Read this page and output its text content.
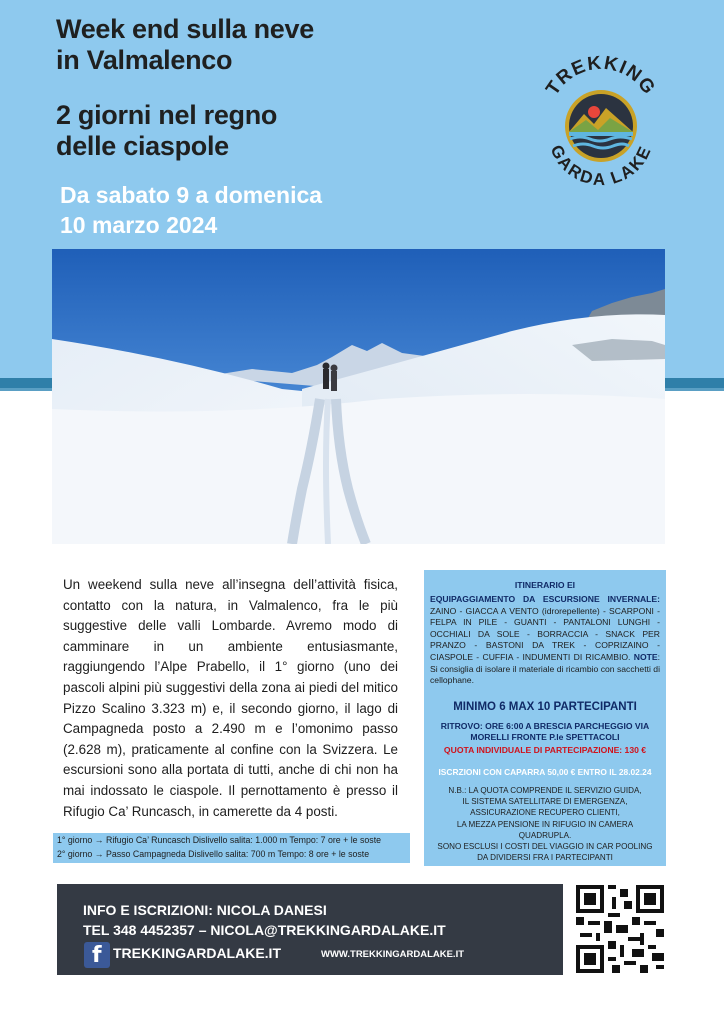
Week end sulla neve
in Valmalenco
2 giorni nel regno
delle ciaspole
Da sabato 9 a domenica
10 marzo 2024
TREKKING
GARDA LAKE
Un weekend sulla neve all’insegna dell’attività fisica, contatto con la natura, in Valmalenco, fra le più suggestive delle valli Lombarde. Avremo modo di camminare in un ambiente entusiasmante, raggiungendo l’Alpe Prabello, il 1° giorno (uno dei pascoli alpini più suggestivi della zona ai piedi del mitico Pizzo Scalino 3.323 m) e, il secondo giorno, il lago di Campagneda posto a 2.490 m e l’omonimo passo (2.628 m), praticamente al confine con la Svizzera. Le escursioni sono alla portata di tutti, anche di chi non ha mai indossato le ciaspole. Il pernottamento è presso il Rifugio Ca’ Runcasch, in camerette da 4 posti.
1° giorno → Rifugio Ca’ Runcasch Dislivello salita: 1.000 m Tempo: 7 ore + le soste
2° giorno → Passo Campagneda Dislivello salita: 700 m Tempo: 8 ore + le soste

ITINERARIO EI

EQUIPAGGIAMENTO DA ESCURSIONE INVERNALE: ZAINO - GIACCA A VENTO (idrorepellente) - SCARPONI - FELPA IN PILE - GUANTI - PANTALONI LUNGHI - OCCHIALI DA SOLE - BORRACCIA - SNACK PER PRANZO - BASTONI DA TREK - COPRIZAINO - CIASPOLE - CUFFIA - INDUMENTI DI RICAMBIO. NOTE: Si consiglia di isolare il materiale di ricambio con sacchetti di cellophane.

MINIMO 6 MAX 10 PARTECIPANTI

RITROVO: ORE 6:00 A BRESCIA PARCHEGGIO VIA
MORELLI FRONTE P.le SPETTACOLI

QUOTA INDIVIDUALE DI PARTECIPAZIONE: 130 €

ISCRZIONI CON CAPARRA 50,00 € ENTRO IL 28.02.24

N.B.: LA QUOTA COMPRENDE IL SERVIZIO GUIDA,
IL SISTEMA SATELLITARE DI EMERGENZA,
ASSICURAZIONE RECUPERO CLIENTI,
LA MEZZA PENSIONE IN RIFUGIO IN CAMERA QUADRUPLA.
SONO ESCLUSI I COSTI DEL VIAGGIO IN CAR POOLING
DA DIVIDERSI FRA I PARTECIPANTI

INFO E ISCRIZIONI: NICOLA DANESI

TEL 348 4452357 – NICOLA@TREKKINGARDALAKE.IT

f TREKKINGARDALAKE.IT	WWW.TREKKINGARDALAKE.IT
